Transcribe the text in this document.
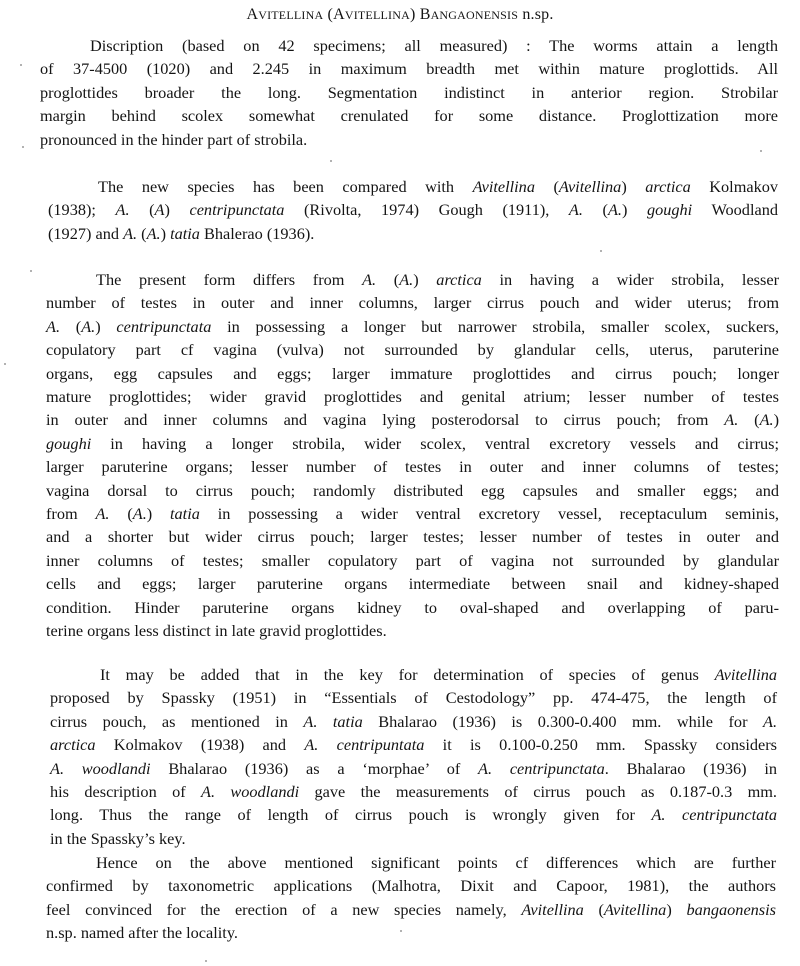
AVITELLINA (AVITELLINA) BANGAONENSIS n.sp.
Discription (based on 42 specimens; all measured) : The worms attain a length
of 37-4500 (1020) and 2.245 in maximum breadth met within mature proglottids. All
proglottides broader the long. Segmentation indistinct in anterior region. Strobilar
margin behind scolex somewhat crenulated for some distance. Proglottization more
pronounced in the hinder part of strobila.
The new species has been compared with Avitellina (Avitellina) arctica Kolmakov
(1938); A. (A) centripunctata (Rivolta, 1974) Gough (1911), A. (A.) goughi Woodland
(1927) and A. (A.) tatia Bhalerao (1936).
The present form differs from A. (A.) arctica in having a wider strobila, lesser
number of testes in outer and inner columns, larger cirrus pouch and wider uterus; from
A. (A.) centripunctata in possessing a longer but narrower strobila, smaller scolex, suckers,
copulatory part cf vagina (vulva) not surrounded by glandular cells, uterus, paruterine
organs, egg capsules and eggs; larger immature proglottides and cirrus pouch; longer
mature proglottides; wider gravid proglottides and genital atrium; lesser number of testes
in outer and inner columns and vagina lying posterodorsal to cirrus pouch; from A. (A.)
goughi in having a longer strobila, wider scolex, ventral excretory vessels and cirrus;
larger paruterine organs; lesser number of testes in outer and inner columns of testes;
vagina dorsal to cirrus pouch; randomly distributed egg capsules and smaller eggs; and
from A. (A.) tatia in possessing a wider ventral excretory vessel, receptaculum seminis,
and a shorter but wider cirrus pouch; larger testes; lesser number of testes in outer and
inner columns of testes; smaller copulatory part of vagina not surrounded by glandular
cells and eggs; larger paruterine organs intermediate between snail and kidney-shaped
condition. Hinder paruterine organs kidney to oval-shaped and overlapping of paru-
terine organs less distinct in late gravid proglottides.
It may be added that in the key for determination of species of genus Avitellina
proposed by Spassky (1951) in “Essentials of Cestodology” pp. 474-475, the length of
cirrus pouch, as mentioned in A. tatia Bhalarao (1936) is 0.300-0.400 mm. while for A.
arctica Kolmakov (1938) and A. centripuntata it is 0.100-0.250 mm. Spassky considers
A. woodlandi Bhalarao (1936) as a ‘morphae’ of A. centripunctata. Bhalarao (1936) in
his description of A. woodlandi gave the measurements of cirrus pouch as 0.187-0.3 mm.
long. Thus the range of length of cirrus pouch is wrongly given for A. centripunctata
in the Spassky’s key.
Hence on the above mentioned significant points cf differences which are further
confirmed by taxonometric applications (Malhotra, Dixit and Capoor, 1981), the authors
feel convinced for the erection of a new species namely, Avitellina (Avitellina) bangaonensis
n.sp. named after the locality.
